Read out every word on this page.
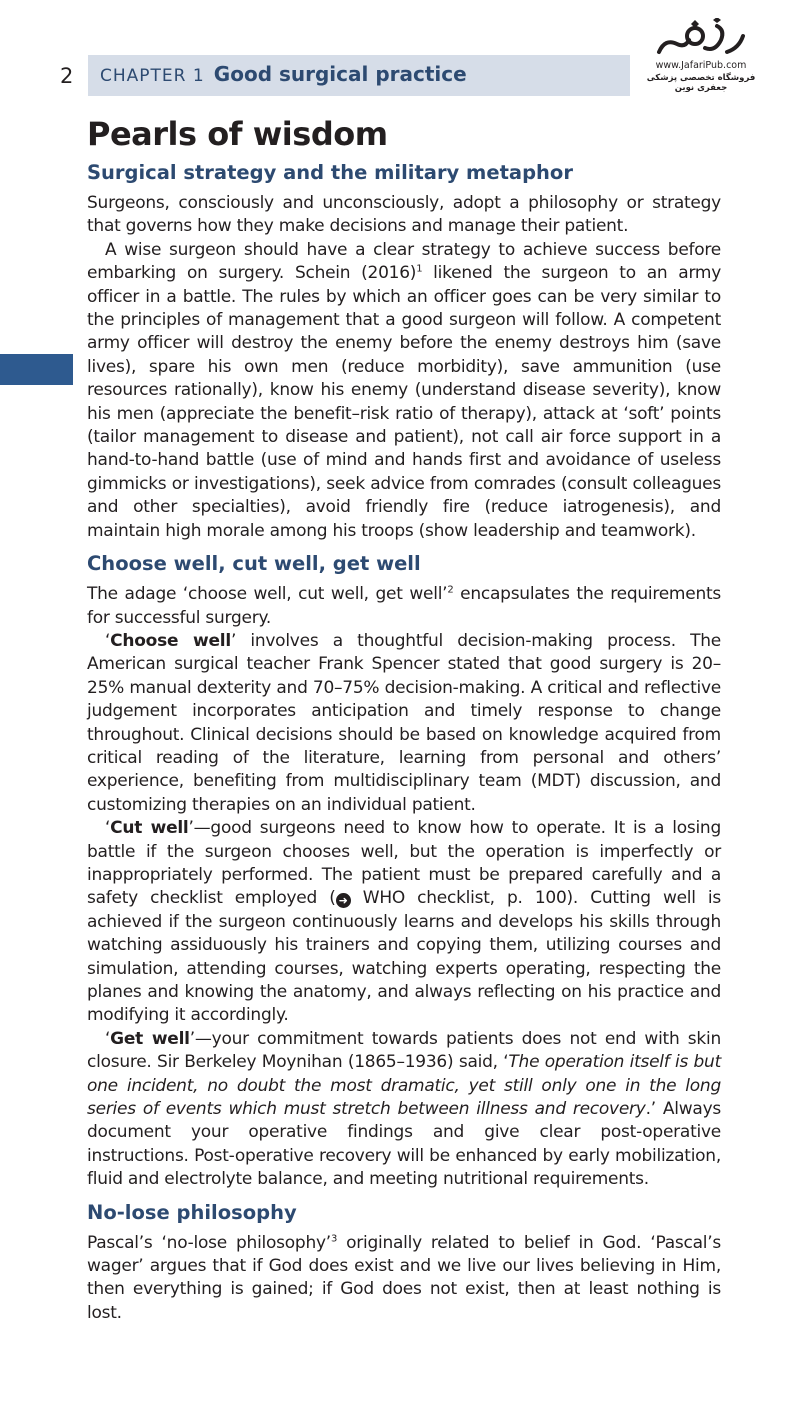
2 CHAPTER 1 Good surgical practice	www.JafariPub.com
فروشگاه تخصصی پزشکی جعفری نوین
Pearls of wisdom
Surgical strategy and the military metaphor

Surgeons, consciously and unconsciously, adopt a philosophy or strategy that governs how they make decisions and manage their patient.

A wise surgeon should have a clear strategy to achieve success before embarking on surgery. Schein $(2016)^1$ likened the surgeon to an army officer in a battle. The rules by which an officer goes can be very similar to the principles of management that a good surgeon will follow. A competent army officer will destroy the enemy before the enemy destroys him (save lives), spare his own men (reduce morbidity), save ammunition (use resources rationally), know his enemy (understand disease severity), know his men (appreciate the benefit–risk ratio of therapy), attack at ‘soft’ points (tailor management to disease and patient), not call air force support in a hand-to-hand battle (use of mind and hands first and avoidance of useless gimmicks or investigations), seek advice from comrades (consult colleagues and other specialties), avoid friendly fire (reduce iatrogenesis), and maintain high morale among his troops (show leadership and teamwork).

Choose well, cut well, get well

The adage ‘choose well, cut well, get well’$^2$ encapsulates the requirements for successful surgery.

‘Choose well’ involves a thoughtful decision-making process. The American surgical teacher Frank Spencer stated that good surgery is 20–25% manual dexterity and 70–75% decision-making. A critical and reflective judgement incorporates anticipation and timely response to change throughout. Clinical decisions should be based on knowledge acquired from critical reading of the literature, learning from personal and others’ experience, benefiting from multidisciplinary team (MDT) discussion, and customizing therapies on an individual patient.

‘Cut well’—good surgeons need to know how to operate. It is a losing battle if the surgeon chooses well, but the operation is imperfectly or inappropriately performed. The patient must be prepared carefully and a safety checklist employed ( ➜ WHO checklist, p. 100). Cutting well is achieved if the surgeon continuously learns and develops his skills through watching assiduously his trainers and copying them, utilizing courses and simulation, attending courses, watching experts operating, respecting the planes and knowing the anatomy, and always reflecting on his practice and modifying it accordingly.

‘Get well’—your commitment towards patients does not end with skin closure. Sir Berkeley Moynihan (1865–1936) said, ‘The operation itself is but one incident, no doubt the most dramatic, yet still only one in the long series of events which must stretch between illness and recovery.’ Always document your operative findings and give clear post-operative instructions. Post-operative recovery will be enhanced by early mobilization, fluid and electrolyte balance, and meeting nutritional requirements.

No-lose philosophy

Pascal’s ‘no-lose philosophy’$^3$ originally related to belief in God. ‘Pascal’s wager’ argues that if God does exist and we live our lives believing in Him, then everything is gained; if God does not exist, then at least nothing is lost.
